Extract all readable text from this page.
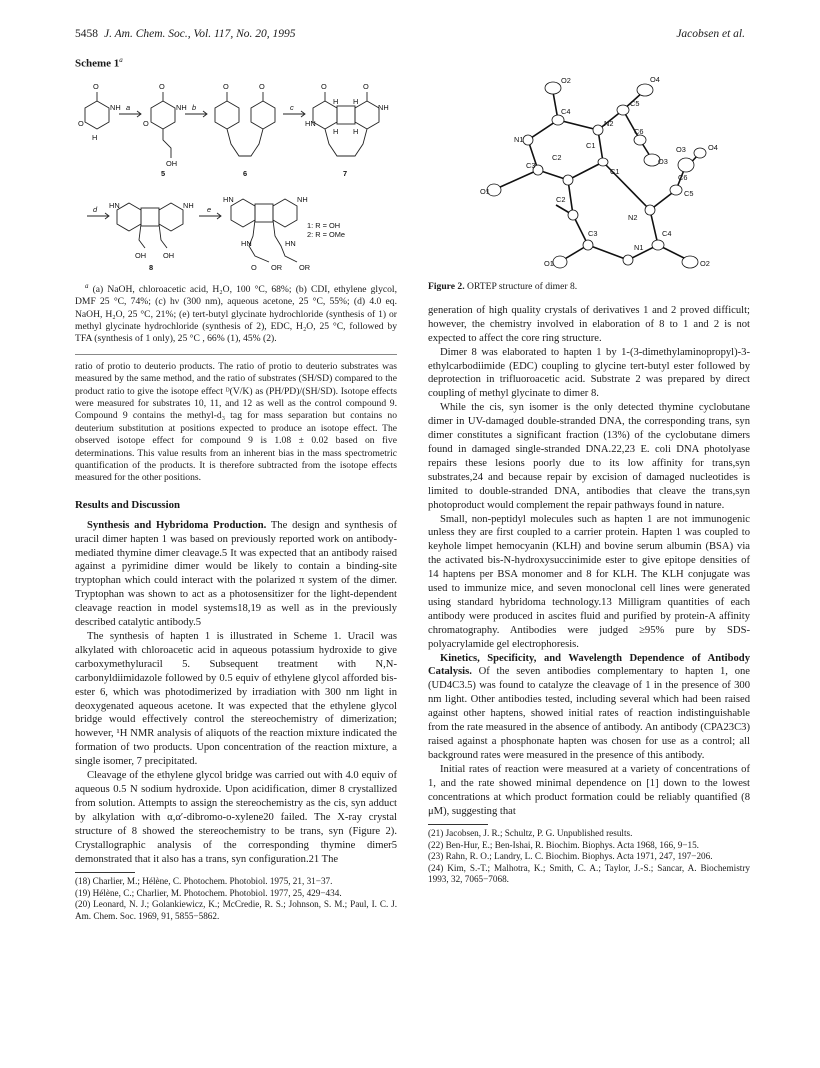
5458 J. Am. Chem. Soc., Vol. 117, No. 20, 1995	Jacobsen et al.
Scheme 1$^a$
O
NH
O
H
a
O
NH
O
OH
b
O	O
c
O	O
HN
NH
H H
H H
d HN	NH
OH OH
e
HN	NH
HN	HN
O OR OR
1: R = OH
2: R = OMe
5	6	7
8
$^a$ (a) NaOH, chloroacetic acid, H₂O, 100 °C, 68%; (b) CDI, ethylene glycol, DMF 25 °C, 74%; (c) hν (300 nm), aqueous acetone, 25 °C, 55%; (d) 4.0 eq. NaOH, H₂O, 25 °C, 21%; (e) tert-butyl glycinate hydrochloride (synthesis of 1) or methyl glycinate hydrochloride (synthesis of 2), EDC, H₂O, 25 °C, followed by TFA (synthesis of 1 only), 25 °C , 66% (1), 45% (2).
ratio of protio to deuterio products. The ratio of protio to deuterio substrates was measured by the same method, and the ratio of substrates (SH/SD) compared to the product ratio to give the isotope effect ᴰ(V/K) as (PH/PD)/(SH/SD). Isotope effects were measured for substrates 10, 11, and 12 as well as the control compound 9. Compound 9 contains the methyl-d₃ tag for mass separation but contains no deuterium substitution at positions expected to produce an isotope effect. The observed isotope effect for compound 9 is 1.08 ± 0.02 based on five determinations. This value results from an inherent bias in the mass spectrometric quantification of the products. It is therefore subtracted from the isotope effects measured for the other positions.
Results and Discussion

Synthesis and Hybridoma Production. The design and synthesis of uracil dimer hapten 1 was based on previously reported work on antibody-mediated thymine dimer cleavage.5 It was expected that an antibody raised against a pyrimidine dimer would be likely to contain a binding-site tryptophan which could interact with the polarized π system of the dimer. Tryptophan was shown to act as a photosensitizer for the light-dependent cleavage reaction in model systems18,19 as well as in the previously described catalytic antibody.5

The synthesis of hapten 1 is illustrated in Scheme 1. Uracil was alkylated with chloroacetic acid in aqueous potassium hydroxide to give carboxymethyluracil 5. Subsequent treatment with N,N-carbonyldiimidazole followed by 0.5 equiv of ethylene glycol afforded bis-ester 6, which was photodimerized by irradiation with 300 nm light in deoxygenated aqueous acetone. It was expected that the ethylene glycol bridge would effectively control the stereochemistry of dimerization; however, ¹H NMR analysis of aliquots of the reaction mixture indicated the formation of two products. Upon concentration of the reaction mixture, a single isomer, 7 precipitated.

Cleavage of the ethylene glycol bridge was carried out with 4.0 equiv of aqueous 0.5 N sodium hydroxide. Upon acidification, dimer 8 crystallized from solution. Attempts to assign the stereochemistry as the cis, syn adduct by alkylation with α,α′-dibromo-o-xylene20 failed. The X-ray crystal structure of 8 showed the stereochemistry to be trans, syn (Figure 2). Crystallographic analysis of the corresponding thymine dimer5 demonstrated that it also has a trans, syn configuration.21 The

(18) Charlier, M.; Hélène, C. Photochem. Photobiol. 1975, 21, 31−37.
(19) Hélène, C.; Charlier, M. Photochem. Photobiol. 1977, 25, 429−434.
(20) Leonard, N. J.; Golankiewicz, K.; McCredie, R. S.; Johnson, S. M.; Paul, I. C. J. Am. Chem. Soc. 1969, 91, 5855−5862.
O2
C4
N2
C5
O4
C6
O3
N1
C1
C3
C2
O1
O3
C6
O4
C1
C5
C2
N2
C3
N1
C4
O1	O2
Figure 2. ORTEP structure of dimer 8.

generation of high quality crystals of derivatives 1 and 2 proved difficult; however, the chemistry involved in elaboration of 8 to 1 and 2 is not expected to affect the core ring structure.

Dimer 8 was elaborated to hapten 1 by 1-(3-dimethylaminopropyl)-3-ethylcarbodiimide (EDC) coupling to glycine tert-butyl ester followed by deprotection in trifluoroacetic acid. Substrate 2 was prepared by direct coupling of methyl glycinate to dimer 8.

While the cis, syn isomer is the only detected thymine cyclobutane dimer in UV-damaged double-stranded DNA, the corresponding trans, syn dimer constitutes a significant fraction (13%) of the cyclobutane dimers found in damaged single-stranded DNA.22,23 E. coli DNA photolyase repairs these lesions poorly due to its low affinity for trans,syn substrates,24 and because repair by excision of damaged nucleotides is limited to double-stranded DNA, antibodies that cleave the trans,syn photoproduct would complement the repair pathways found in nature.

Small, non-peptidyl molecules such as hapten 1 are not immunogenic unless they are first coupled to a carrier protein. Hapten 1 was coupled to keyhole limpet hemocyanin (KLH) and bovine serum albumin (BSA) via the activated bis-N-hydroxysuccinimide ester to give epitope densities of 14 haptens per BSA monomer and 8 for KLH. The KLH conjugate was used to immunize mice, and seven monoclonal cell lines were generated using standard hybridoma technology.13 Milligram quantities of each antibody were produced in ascites fluid and purified by protein-A affinity chromatography. Antibodies were judged ≥95% pure by SDS-polyacrylamide gel electrophoresis.

Kinetics, Specificity, and Wavelength Dependence of Antibody Catalysis. Of the seven antibodies complementary to hapten 1, one (UD4C3.5) was found to catalyze the cleavage of 1 in the presence of 300 nm light. Other antibodies tested, including several which had been raised against other haptens, showed initial rates of reaction indistinguishable from the rate measured in the absence of antibody. An antibody (CPA23C3) raised against a phosphonate hapten was chosen for use as a control; all background rates were measured in the presence of this antibody.

Initial rates of reaction were measured at a variety of concentrations of 1, and the rate showed minimal dependence on [1] down to the lowest concentrations at which product formation could be reliably quantified (8 μM), suggesting that

(21) Jacobsen, J. R.; Schultz, P. G. Unpublished results.
(22) Ben-Hur, E.; Ben-Ishai, R. Biochim. Biophys. Acta 1968, 166, 9−15.
(23) Rahn, R. O.; Landry, L. C. Biochim. Biophys. Acta 1971, 247, 197−206.
(24) Kim, S.-T.; Malhotra, K.; Smith, C. A.; Taylor, J.-S.; Sancar, A. Biochemistry 1993, 32, 7065−7068.
